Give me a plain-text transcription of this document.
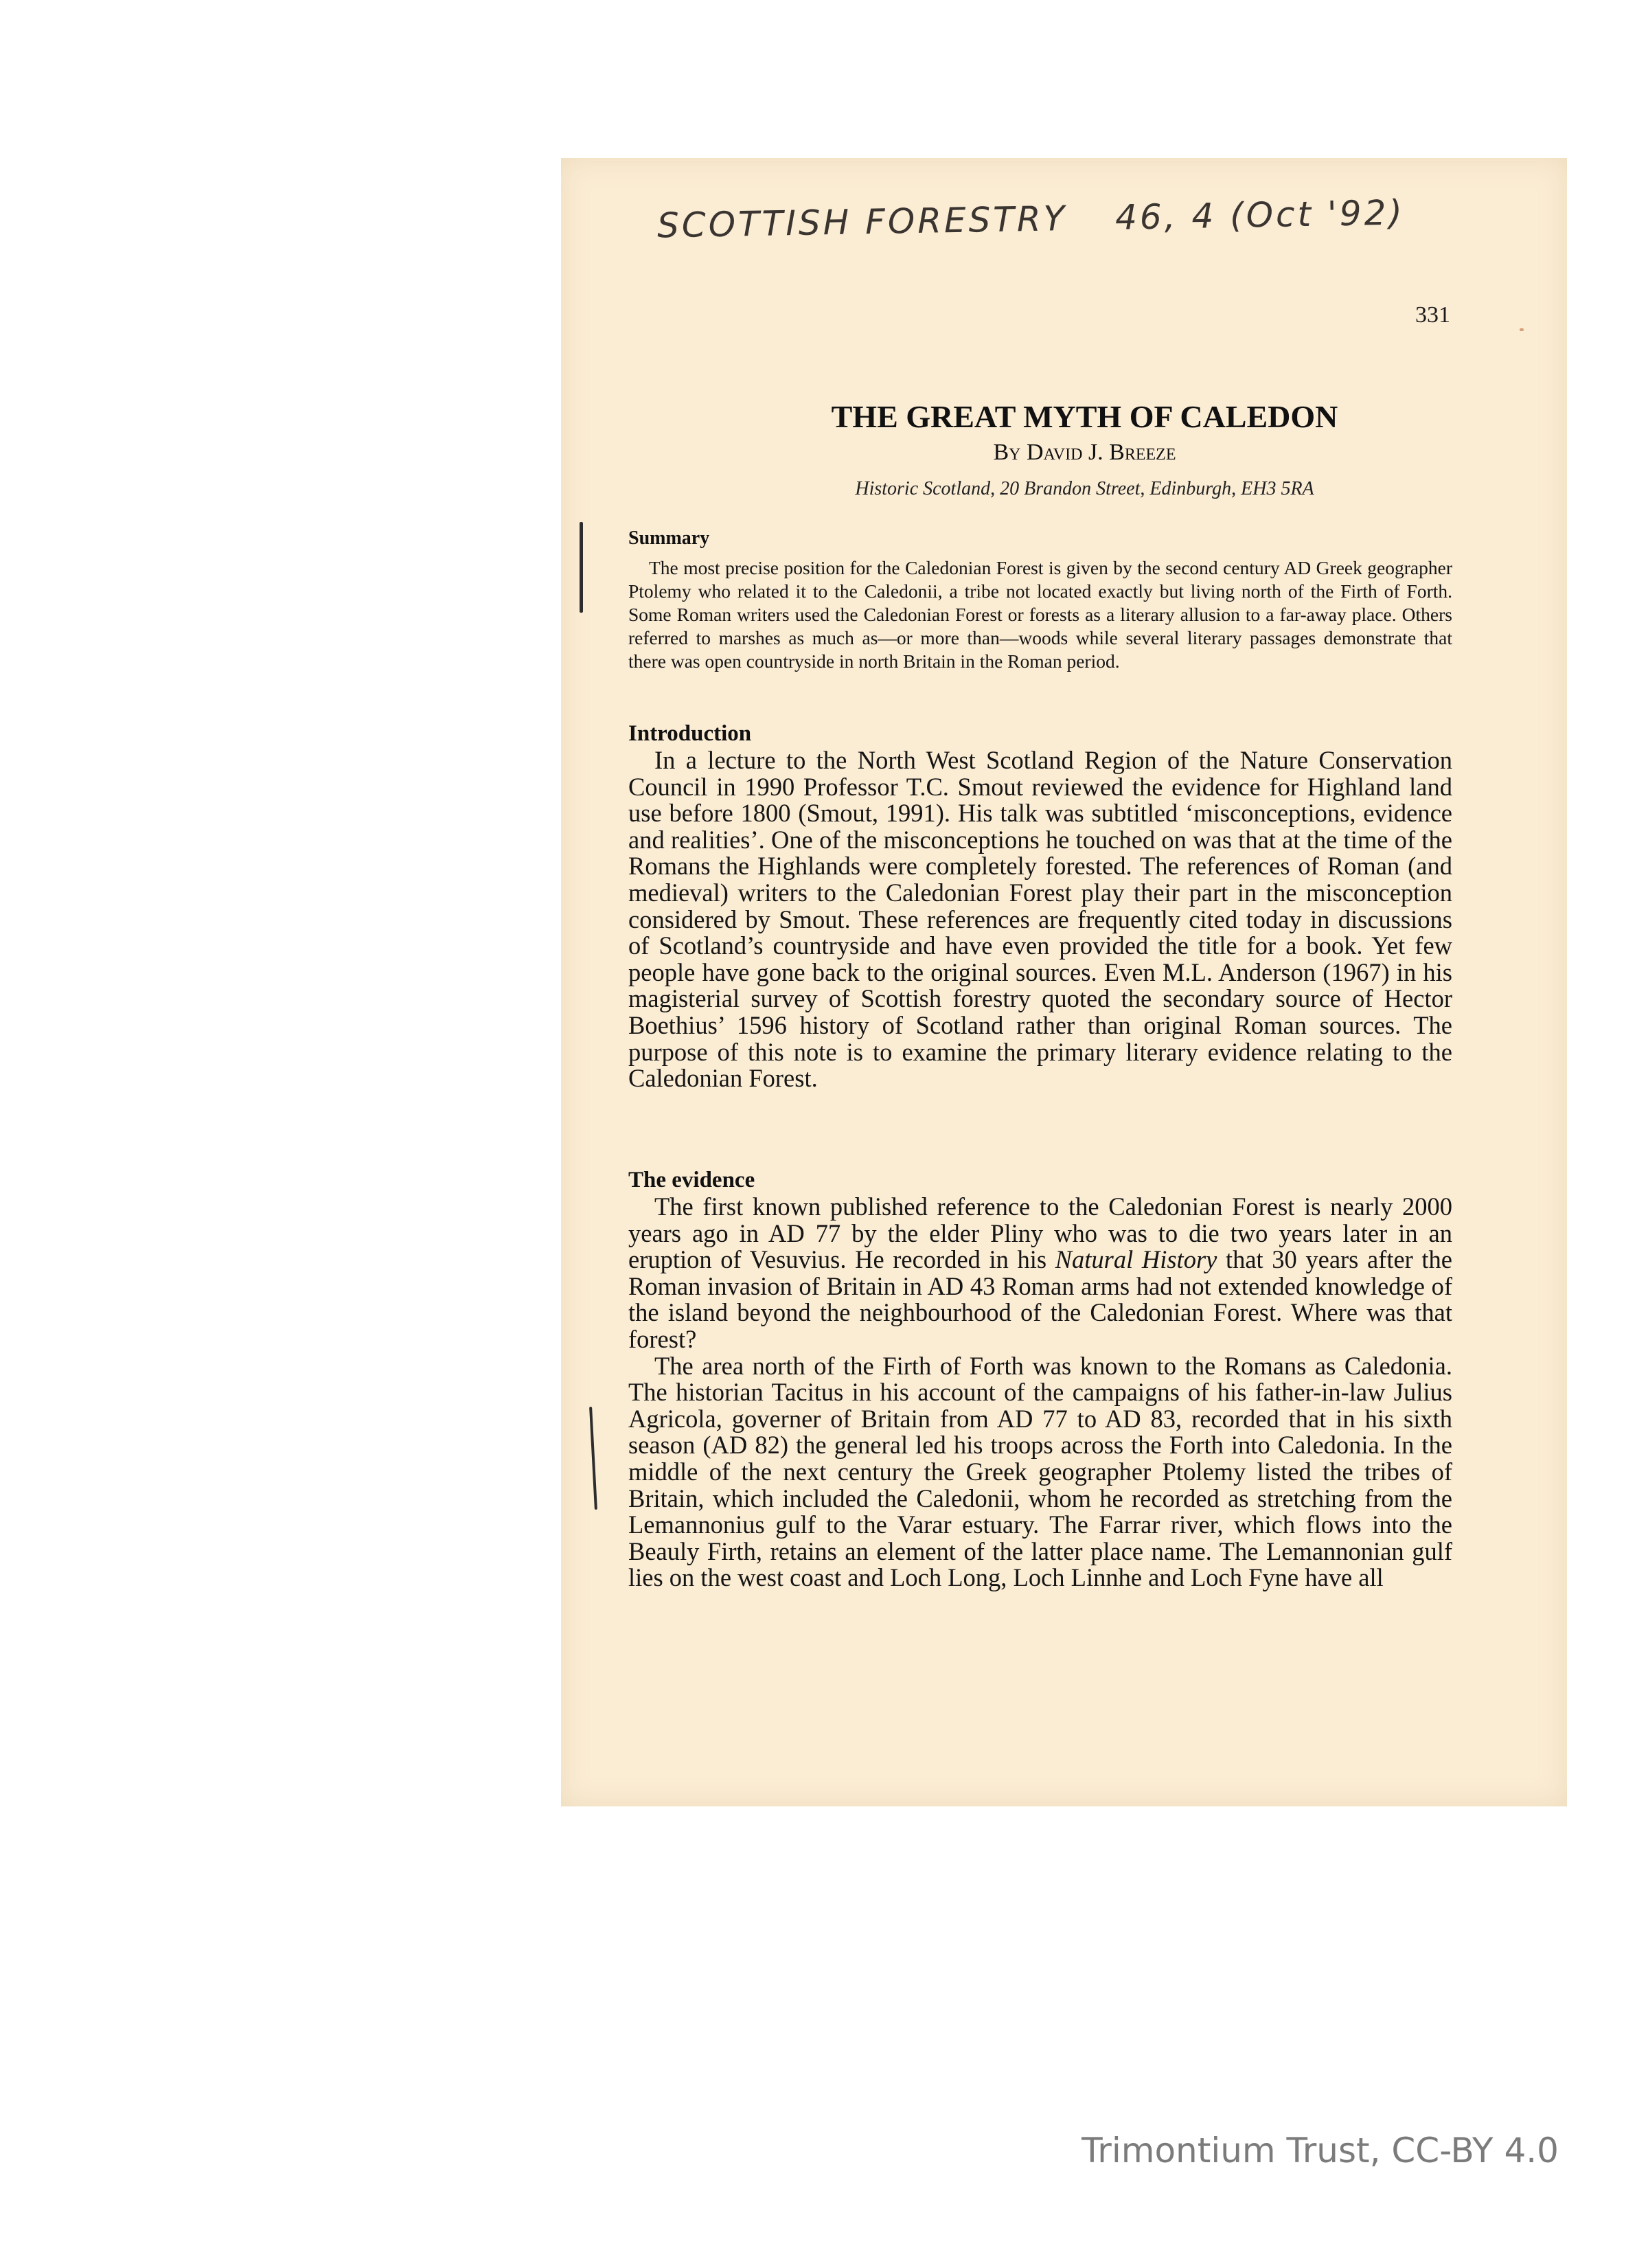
SCOTTISH FORESTRY 46, 4 (Oct '92)
331
THE GREAT MYTH OF CALEDON
By David J. Breeze
Historic Scotland, 20 Brandon Street, Edinburgh, EH3 5RA
Summary
The most precise position for the Caledonian Forest is given by the second century AD Greek geographer Ptolemy who related it to the Caledonii, a tribe not located exactly but living north of the Firth of Forth. Some Roman writers used the Caledonian Forest or forests as a literary allusion to a far-away place. Others referred to marshes as much as—or more than—woods while several literary passages demonstrate that there was open countryside in north Britain in the Roman period.
Introduction

In a lecture to the North West Scotland Region of the Nature Conservation Council in 1990 Professor T.C. Smout reviewed the evidence for Highland land use before 1800 (Smout, 1991). His talk was subtitled ‘misconceptions, evidence and realities’. One of the misconceptions he touched on was that at the time of the Romans the Highlands were completely forested. The references of Roman (and medieval) writers to the Caledonian Forest play their part in the misconception considered by Smout. These references are frequently cited today in discussions of Scotland’s countryside and have even provided the title for a book. Yet few people have gone back to the original sources. Even M.L. Anderson (1967) in his magisterial survey of Scottish forestry quoted the secondary source of Hector Boethius’ 1596 history of Scotland rather than original Roman sources. The purpose of this note is to examine the primary literary evidence relating to the Caledonian Forest.

The evidence

The first known published reference to the Caledonian Forest is nearly 2000 years ago in AD 77 by the elder Pliny who was to die two years later in an eruption of Vesuvius. He recorded in his Natural History that 30 years after the Roman invasion of Britain in AD 43 Roman arms had not extended knowledge of the island beyond the neighbourhood of the Caledonian Forest. Where was that forest?

The area north of the Firth of Forth was known to the Romans as Caledonia. The historian Tacitus in his account of the campaigns of his father-in-law Julius Agricola, governer of Britain from AD 77 to AD 83, recorded that in his sixth season (AD 82) the general led his troops across the Forth into Caledonia. In the middle of the next century the Greek geographer Ptolemy listed the tribes of Britain, which included the Caledonii, whom he recorded as stretching from the Lemannonius gulf to the Varar estuary. The Farrar river, which flows into the Beauly Firth, retains an element of the latter place name. The Lemannonian gulf lies on the west coast and Loch Long, Loch Linnhe and Loch Fyne have all

Trimontium Trust, CC-BY 4.0
